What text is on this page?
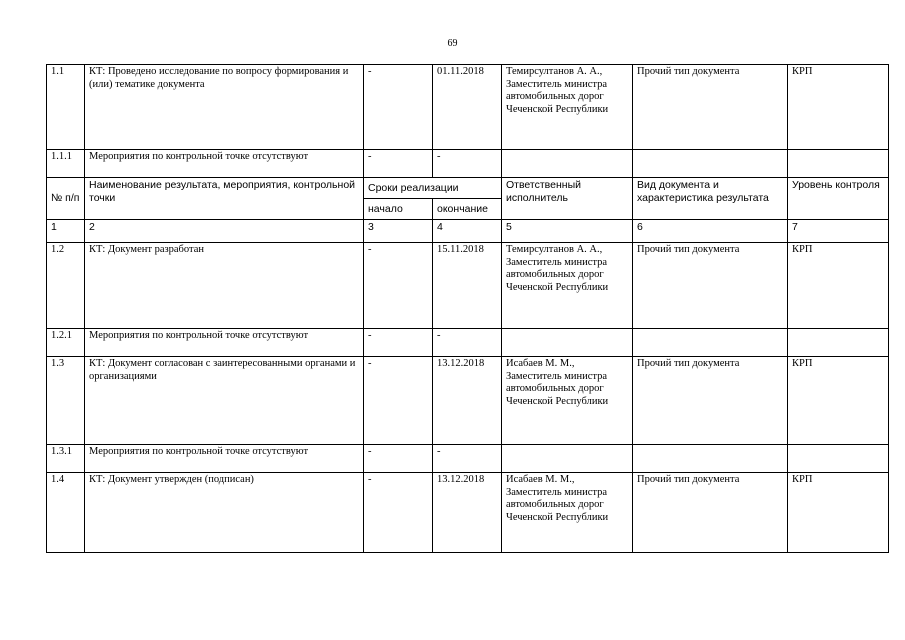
69
1.1	КТ: Проведено исследование по вопросу формирования и (или) тематике документа	-	01.11.2018	Темирсултанов А. А., Заместитель министра автомобильных дорог Чеченской Республики	Прочий тип документа	КРП
1.1.1	Мероприятия по контрольной точке отсутствуют	-	-			
№ п/п	Наименование результата, мероприятия, контрольной точки	Сроки реализации		Ответственный исполнитель	Вид документа и характеристика результата	Уровень контроля
		начало	окончание			
1	2	3	4	5	6	7
1.2	КТ: Документ разработан	-	15.11.2018	Темирсултанов А. А., Заместитель министра автомобильных дорог Чеченской Республики	Прочий тип документа	КРП
1.2.1	Мероприятия по контрольной точке отсутствуют	-	-			
1.3	КТ: Документ согласован с заинтересованными органами и организациями	-	13.12.2018	Исабаев М. М., Заместитель министра автомобильных дорог Чеченской Республики	Прочий тип документа	КРП
1.3.1	Мероприятия по контрольной точке отсутствуют	-	-			
1.4	КТ: Документ утвержден (подписан)	-	13.12.2018	Исабаев М. М., Заместитель министра автомобильных дорог Чеченской Республики	Прочий тип документа	КРП
